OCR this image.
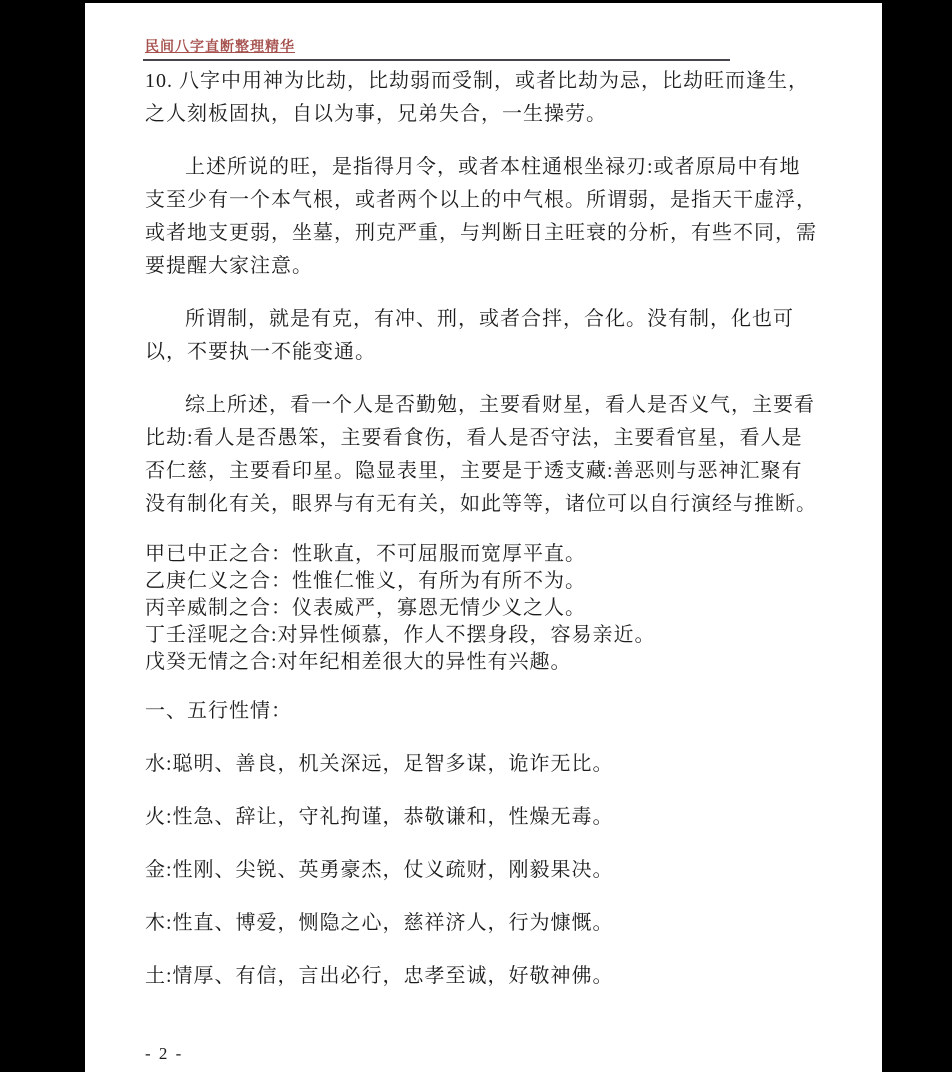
民间八字直断整理精华

10. 八字中用神为比劫，比劫弱而受制，或者比劫为忌，比劫旺而逢生，之人刻板固执，自以为事，兄弟失合，一生操劳。

上述所说的旺，是指得月令，或者本柱通根坐禄刃:或者原局中有地支至少有一个本气根，或者两个以上的中气根。所谓弱，是指天干虚浮，或者地支更弱，坐墓，刑克严重，与判断日主旺衰的分析，有些不同，需要提醒大家注意。

所谓制，就是有克，有冲、刑，或者合拌，合化。没有制，化也可以，不要执一不能变通。

综上所述，看一个人是否勤勉，主要看财星，看人是否义气，主要看比劫:看人是否愚笨，主要看食伤，看人是否守法，主要看官星，看人是否仁慈，主要看印星。隐显表里，主要是于透支藏:善恶则与恶神汇聚有没有制化有关，眼界与有无有关，如此等等，诸位可以自行演经与推断。

甲已中正之合：性耿直，不可屈服而宽厚平直。
乙庚仁义之合：性惟仁惟义，有所为有所不为。
丙辛威制之合：仪表威严，寡恩无情少义之人。
丁壬淫呢之合:对异性倾慕，作人不摆身段，容易亲近。
戊癸无情之合:对年纪相差很大的异性有兴趣。
一、五行性情：
水:聪明、善良，机关深远，足智多谋，诡诈无比。
火:性急、辞让，守礼拘谨，恭敬谦和，性燥无毒。
金:性刚、尖锐、英勇豪杰，仗义疏财，刚毅果决。
木:性直、博爱，恻隐之心，慈祥济人，行为慷慨。
土:情厚、有信，言出必行，忠孝至诚，好敬神佛。
- 2 -
